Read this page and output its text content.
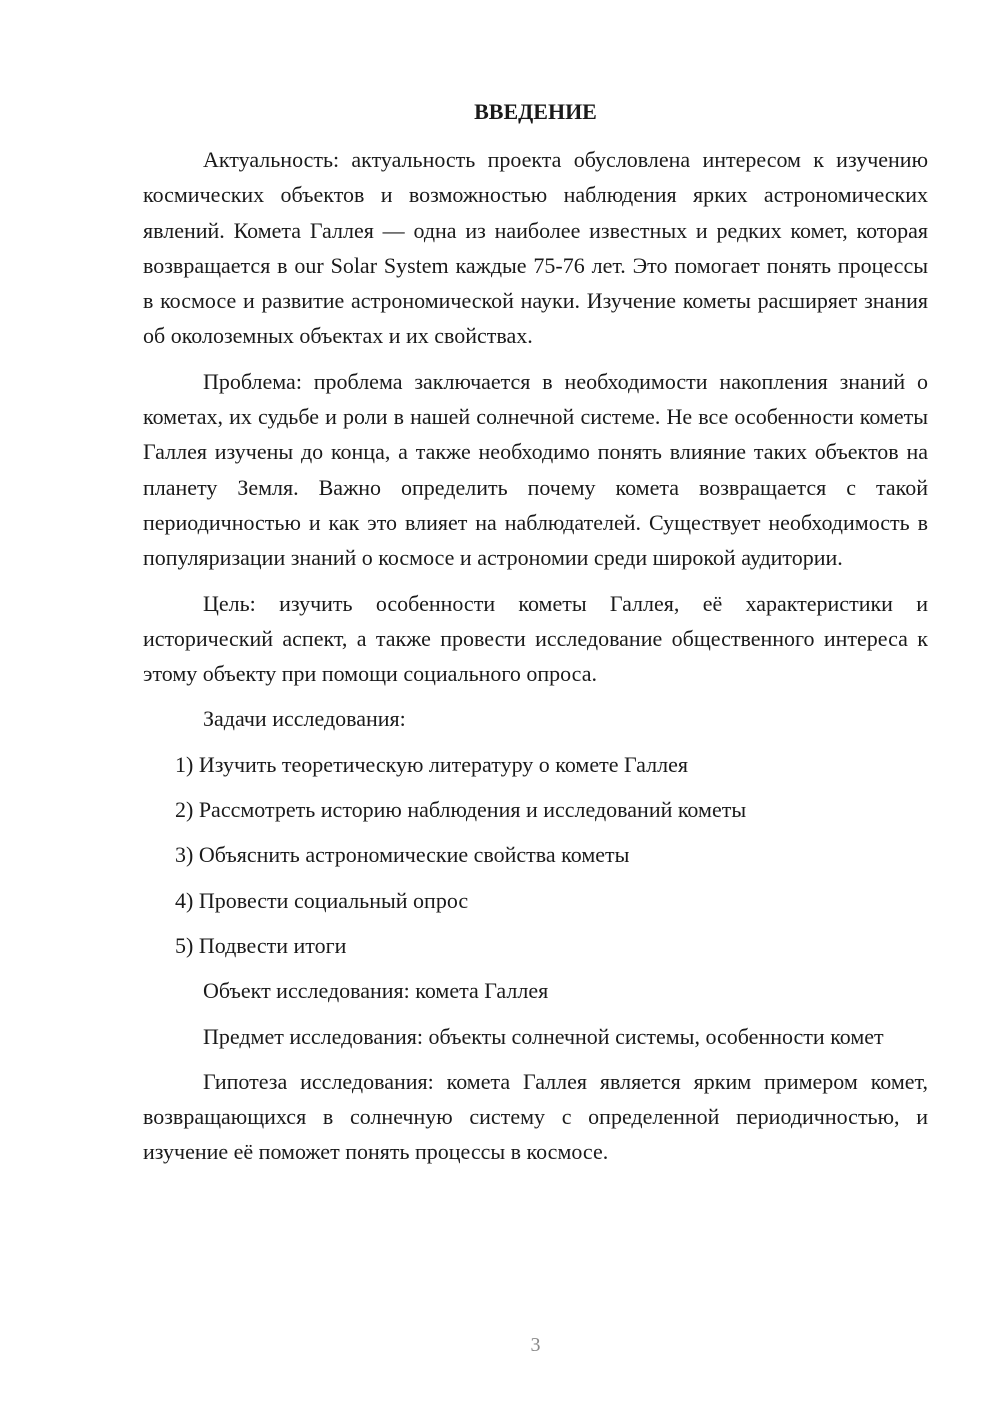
ВВЕДЕНИЕ

Актуальность: актуальность проекта обусловлена интересом к изучению космических объектов и возможностью наблюдения ярких астрономических явлений. Комета Галлея — одна из наиболее известных и редких комет, которая возвращается в our Solar System каждые 75-76 лет. Это помогает понять процессы в космосе и развитие астрономической науки. Изучение кометы расширяет знания об околоземных объектах и их свойствах.

Проблема: проблема заключается в необходимости накопления знаний о кометах, их судьбе и роли в нашей солнечной системе. Не все особенности кометы Галлея изучены до конца, а также необходимо понять влияние таких объектов на планету Земля. Важно определить почему комета возвращается с такой периодичностью и как это влияет на наблюдателей. Существует необходимость в популяризации знаний о космосе и астрономии среди широкой аудитории.

Цель: изучить особенности кометы Галлея, её характеристики и исторический аспект, а также провести исследование общественного интереса к этому объекту при помощи социального опроса.

Задачи исследования:

1) Изучить теоретическую литературу о комете Галлея
2) Рассмотреть историю наблюдения и исследований кометы
3) Объяснить астрономические свойства кометы
4) Провести социальный опрос
5) Подвести итоги

Объект исследования: комета Галлея

Предмет исследования: объекты солнечной системы, особенности комет

Гипотеза исследования: комета Галлея является ярким примером комет, возвращающихся в солнечную систему с определенной периодичностью, и изучение её поможет понять процессы в космосе.

3
